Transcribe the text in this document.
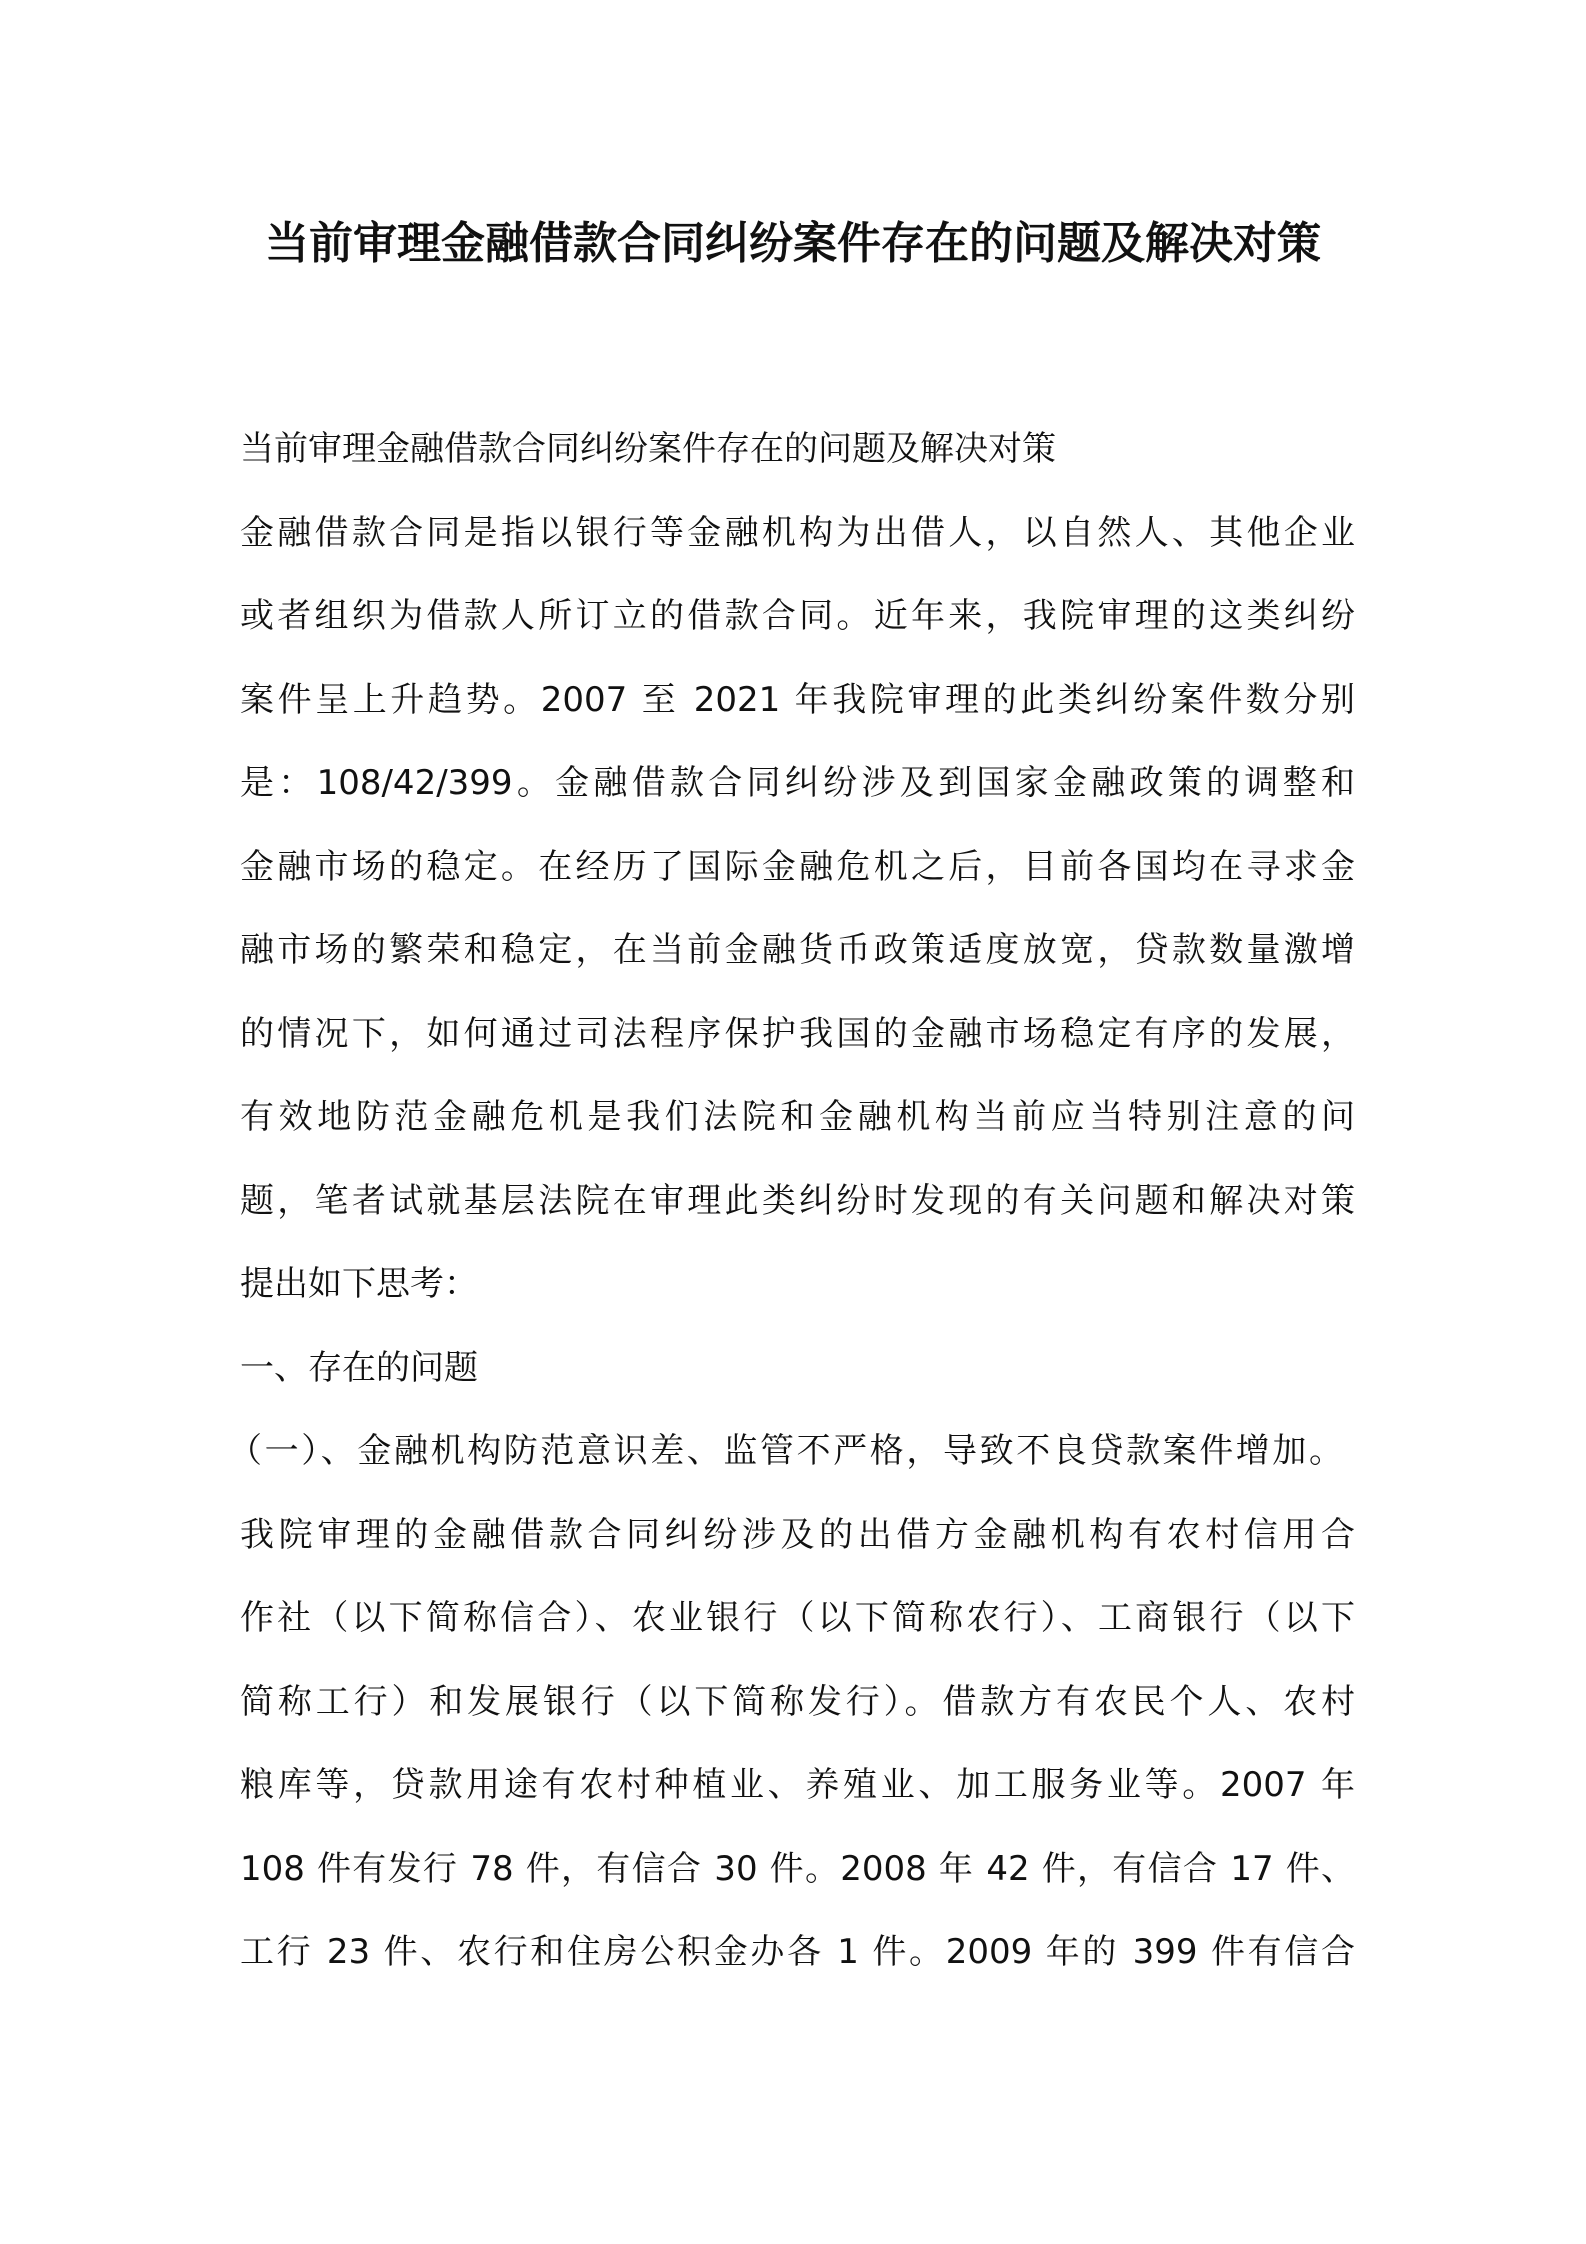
当前审理金融借款合同纠纷案件存在的问题及解决对策
当前审理金融借款合同纠纷案件存在的问题及解决对策
金融借款合同是指以银行等金融机构为出借人，以自然人、其他企业
或者组织为借款人所订立的借款合同。近年来，我院审理的这类纠纷
案件呈上升趋势。2007 至 2021 年我院审理的此类纠纷案件数分别
是：108/42/399。金融借款合同纠纷涉及到国家金融政策的调整和
金融市场的稳定。在经历了国际金融危机之后，目前各国均在寻求金
融市场的繁荣和稳定，在当前金融货币政策适度放宽，贷款数量激增
的情况下，如何通过司法程序保护我国的金融市场稳定有序的发展，
有效地防范金融危机是我们法院和金融机构当前应当特别注意的问
题，笔者试就基层法院在审理此类纠纷时发现的有关问题和解决对策
提出如下思考：
一、存在的问题
（一）、金融机构防范意识差、监管不严格，导致不良贷款案件增加。
我院审理的金融借款合同纠纷涉及的出借方金融机构有农村信用合
作社（以下简称信合）、农业银行（以下简称农行）、工商银行（以下
简称工行）和发展银行（以下简称发行）。借款方有农民个人、农村
粮库等，贷款用途有农村种植业、养殖业、加工服务业等。2007 年
108 件有发行 78 件，有信合 30 件。2008 年 42 件，有信合 17 件、
工行 23 件、农行和住房公积金办各 1 件。2009 年的 399 件有信合
